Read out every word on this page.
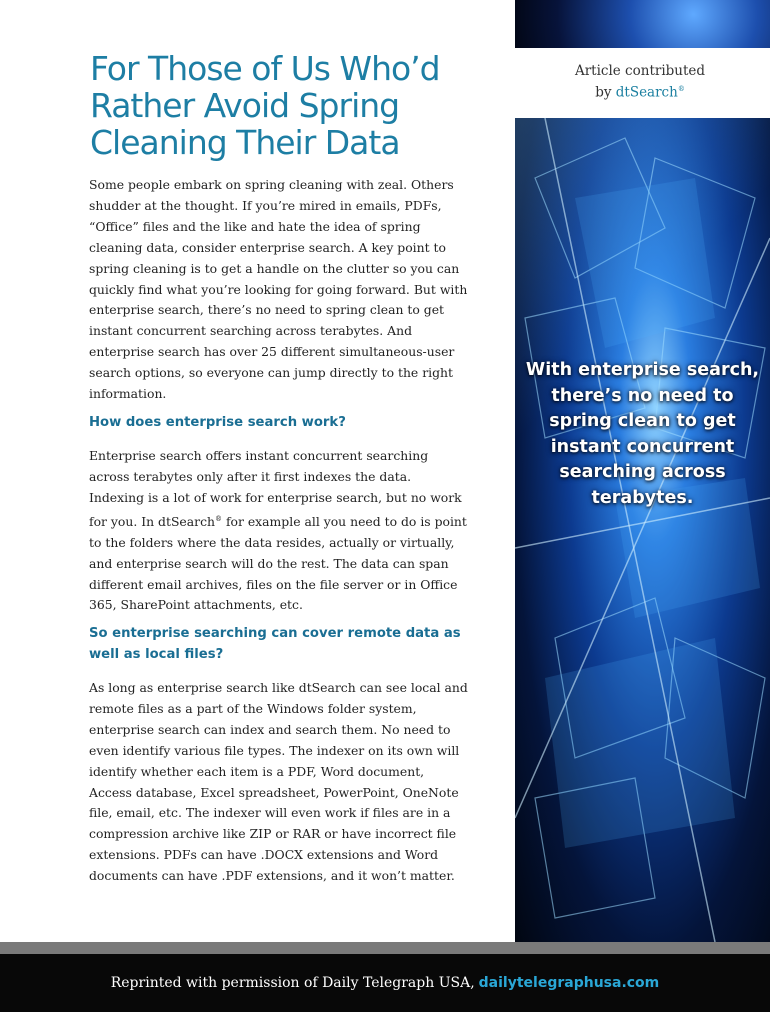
Article contributed
by dtSearch®
For Those of Us Who’d
Rather Avoid Spring
Cleaning Their Data

Some people embark on spring cleaning with zeal. Others shudder at the thought. If you’re mired in emails, PDFs, “Office” files and the like and hate the idea of spring cleaning data, consider enterprise search. A key point to spring cleaning is to get a handle on the clutter so you can quickly find what you’re looking for going forward. But with enterprise search, there’s no need to spring clean to get instant concurrent searching across terabytes. And enterprise search has over 25 different simultaneous-user search options, so everyone can jump directly to the right information.

How does enterprise search work?

Enterprise search offers instant concurrent searching across terabytes only after it first indexes the data. Indexing is a lot of work for enterprise search, but no work for you. In dtSearch® for example all you need to do is point to the folders where the data resides, actually or virtually, and enterprise search will do the rest. The data can span different email archives, files on the file server or in Office 365, SharePoint attachments, etc.

So enterprise searching can cover remote data as well as local files?

As long as enterprise search like dtSearch can see local and remote files as a part of the Windows folder system, enterprise search can index and search them. No need to even identify various file types. The indexer on its own will identify whether each item is a PDF, Word document, Access database, Excel spreadsheet, PowerPoint, OneNote file, email, etc. The indexer will even work if files are in a compression archive like ZIP or RAR or have incorrect file extensions. PDFs can have .DOCX extensions and Word documents can have .PDF extensions, and it won’t matter.

With enterprise search, there’s no need to spring clean to get instant concurrent searching across terabytes.
Reprinted with permission of Daily Telegraph USA, dailytelegraphusa.com
